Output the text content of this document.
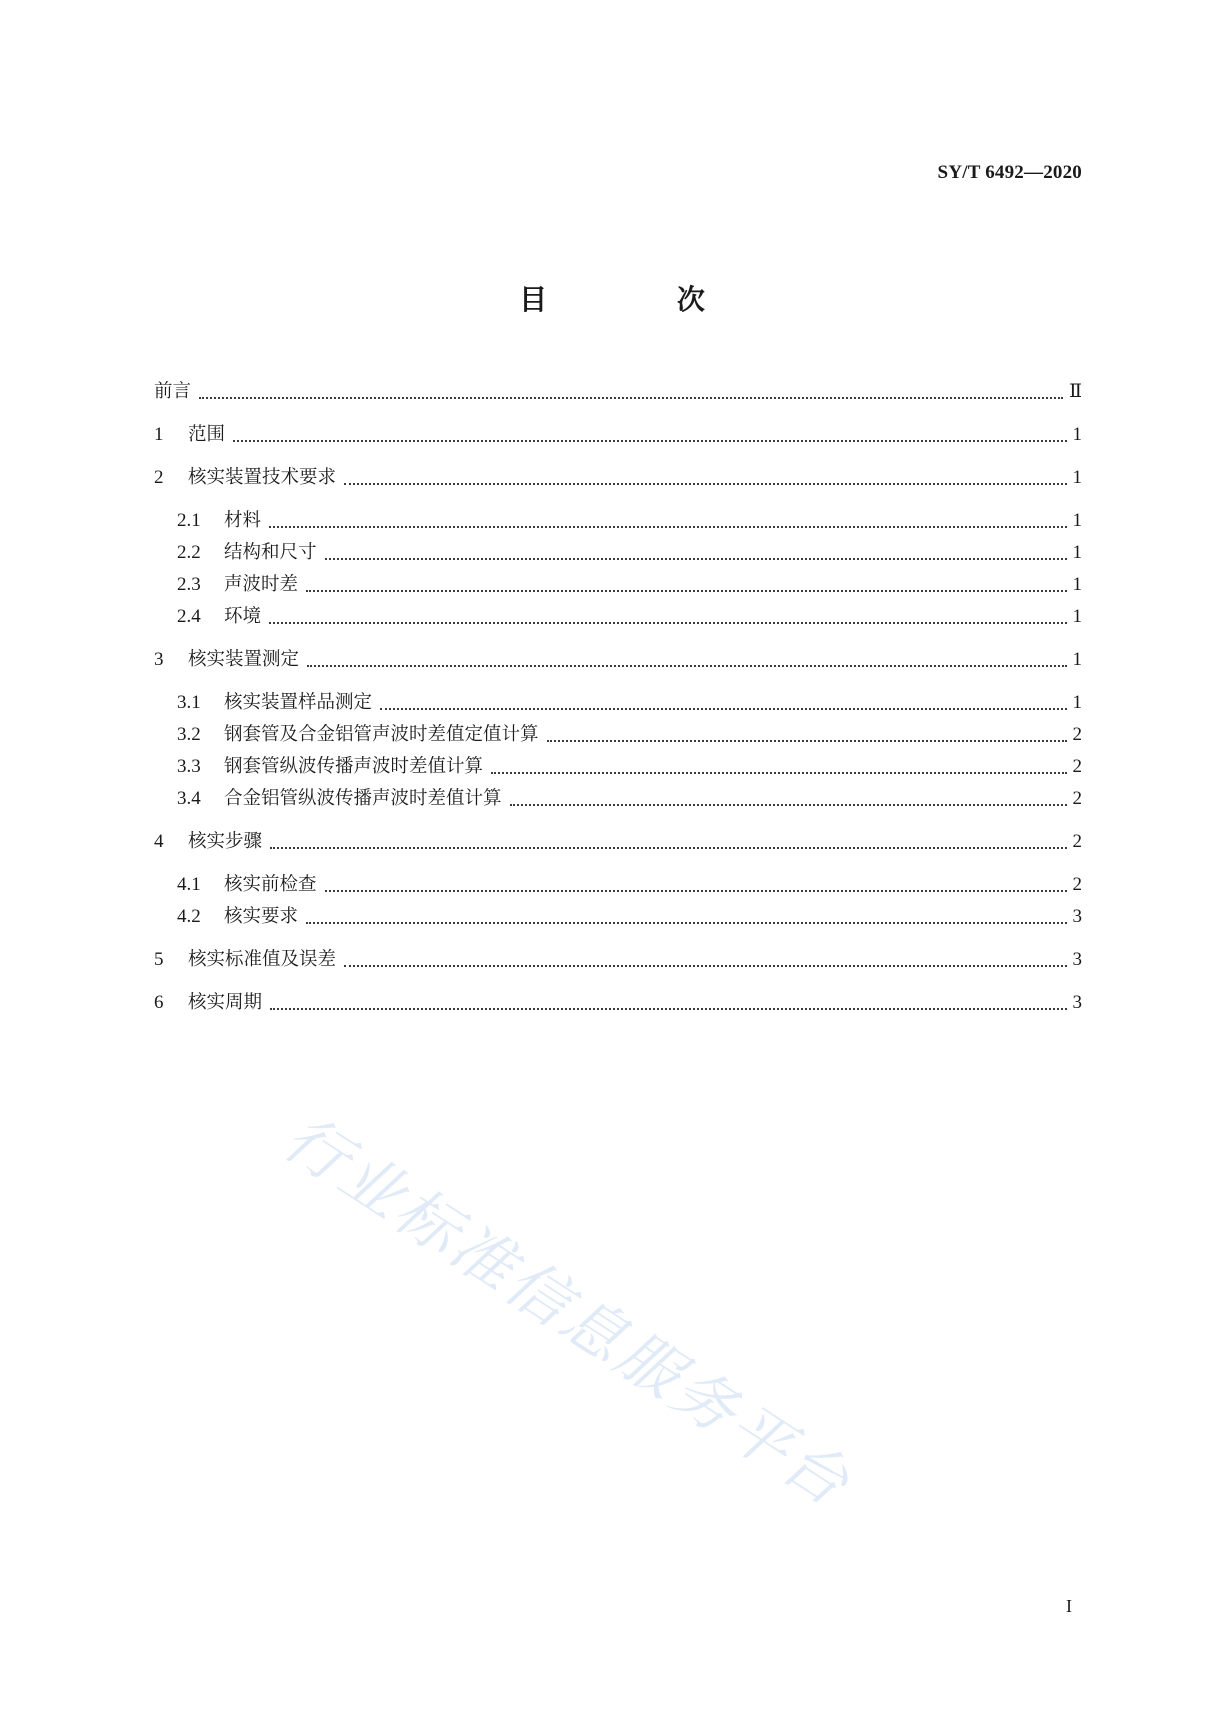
SY/T 6492—2020
目 次
行业标准信息服务平台
前言	Ⅱ
1 范围	1
2 核实装置技术要求	1
2.1 材料	1
2.2 结构和尺寸	1
2.3 声波时差	1
2.4 环境	1
3 核实装置测定	1
3.1 核实装置样品测定	1
3.2 钢套管及合金铝管声波时差值定值计算	2
3.3 钢套管纵波传播声波时差值计算	2
3.4 合金铝管纵波传播声波时差值计算	2
4 核实步骤	2
4.1 核实前检查	2
4.2 核实要求	3
5 核实标准值及误差	3
6 核实周期	3
I
